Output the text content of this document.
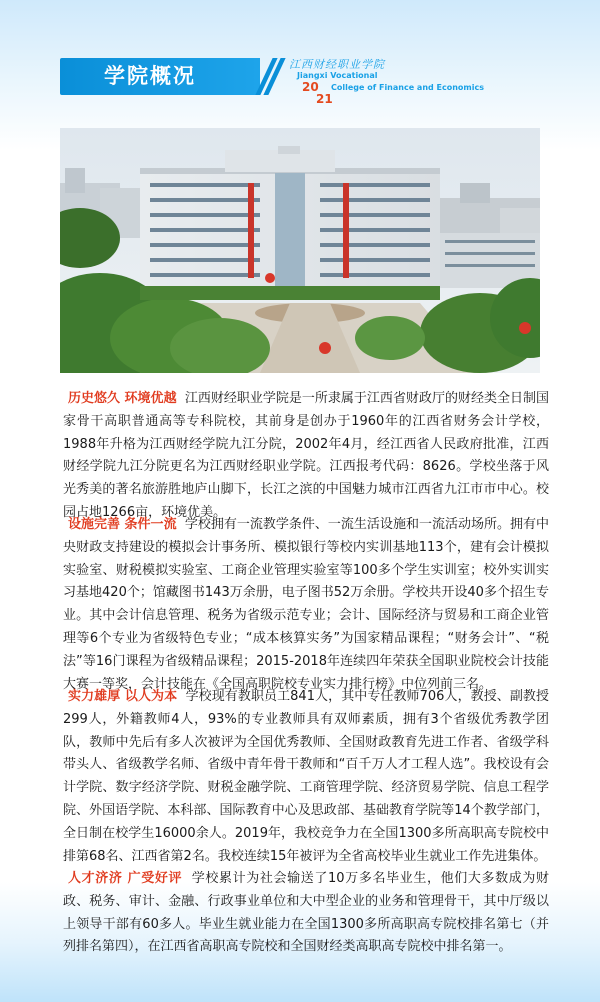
学院概况	江西财经职业学院
Jiangxi Vocational
20
21
College of Finance and Economics
历史悠久 环境优越 江西财经职业学院是一所隶属于江西省财政厅的财经类全日制国家骨干高职普通高等专科院校，其前身是创办于1960年的江西省财务会计学校，1988年升格为江西财经学院九江分院，2002年4月，经江西省人民政府批准，江西财经学院九江分院更名为江西财经职业学院。江西报考代码：8626。学校坐落于风光秀美的著名旅游胜地庐山脚下，长江之滨的中国魅力城市江西省九江市市中心。校园占地1266亩，环境优美。
设施完善 条件一流 学校拥有一流教学条件、一流生活设施和一流活动场所。拥有中央财政支持建设的模拟会计事务所、模拟银行等校内实训基地113个，建有会计模拟实验室、财税模拟实验室、工商企业管理实验室等100多个学生实训室；校外实训实习基地420个；馆藏图书143万余册，电子图书52万余册。学校共开设40多个招生专业。其中会计信息管理、税务为省级示范专业；会计、国际经济与贸易和工商企业管理等6个专业为省级特色专业；“成本核算实务”为国家精品课程；“财务会计”、“税法”等16门课程为省级精品课程；2015-2018年连续四年荣获全国职业院校会计技能大赛一等奖，会计技能在《全国高职院校专业实力排行榜》中位列前三名。
实力雄厚 以人为本 学校现有教职员工841人，其中专任教师706人，教授、副教授299人，外籍教师4人，93%的专业教师具有双师素质，拥有3个省级优秀教学团队，教师中先后有多人次被评为全国优秀教师、全国财政教育先进工作者、省级学科带头人、省级教学名师、省级中青年骨干教师和“百千万人才工程人选”。我校设有会计学院、数字经济学院、财税金融学院、工商管理学院、经济贸易学院、信息工程学院、外国语学院、本科部、国际教育中心及思政部、基础教育学院等14个教学部门，全日制在校学生16000余人。2019年，我校竞争力在全国1300多所高职高专院校中排第68名、江西省第2名。我校连续15年被评为全省高校毕业生就业工作先进集体。
人才济济 广受好评 学校累计为社会输送了10万多名毕业生，他们大多数成为财政、税务、审计、金融、行政事业单位和大中型企业的业务和管理骨干，其中厅级以上领导干部有60多人。毕业生就业能力在全国1300多所高职高专院校排名第七（并列排名第四），在江西省高职高专院校和全国财经类高职高专院校中排名第一。
